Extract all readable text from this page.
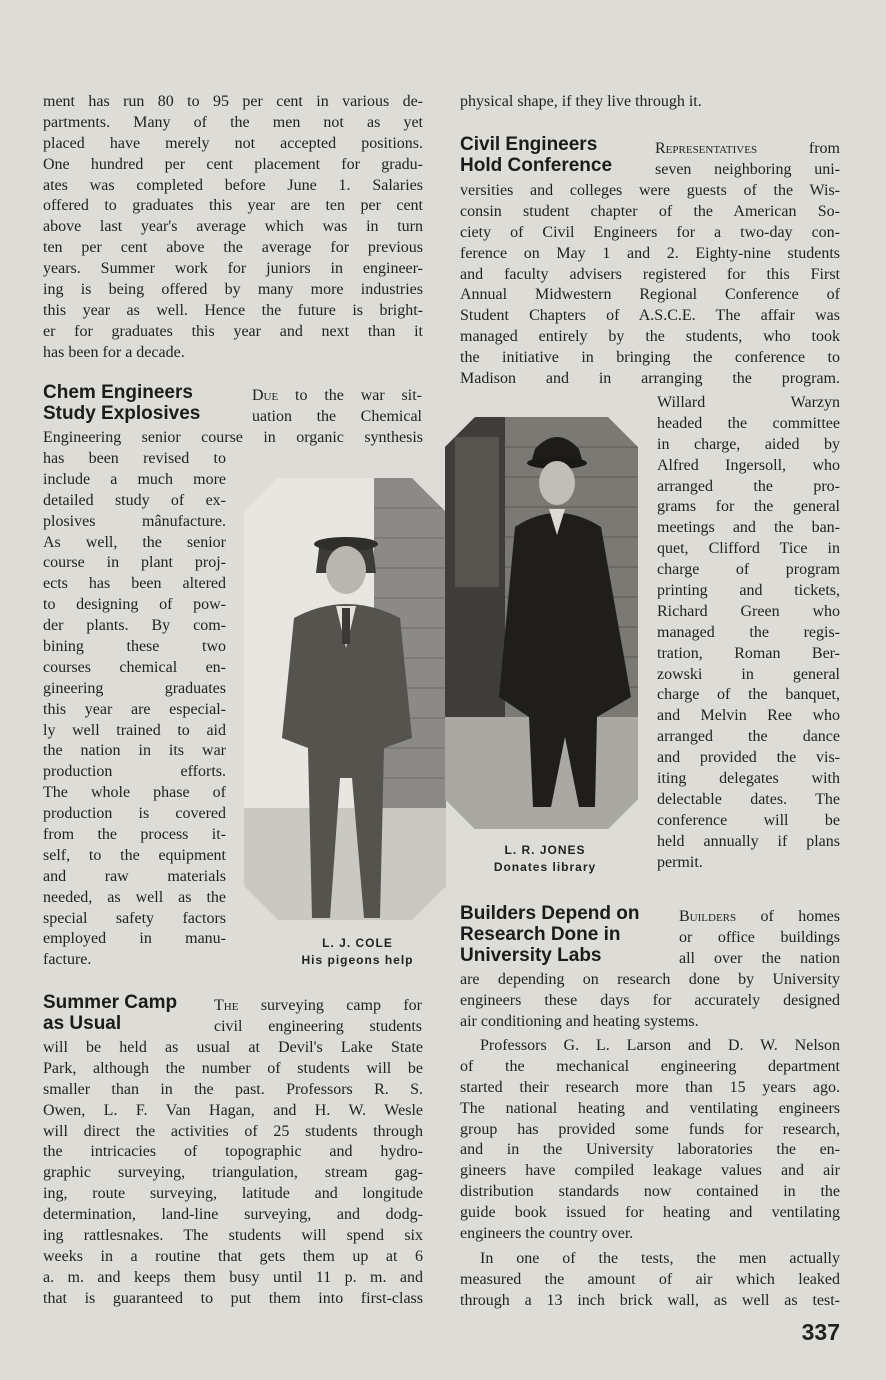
ment has run 80 to 95 per cent in various de-

partments. Many of the men not as yet

placed have merely not accepted positions.

One hundred per cent placement for gradu-

ates was completed before June 1. Salaries

offered to graduates this year are ten per cent

above last year's average which was in turn

ten per cent above the average for previous

years. Summer work for juniors in engineer-

ing is being offered by many more industries

this year as well. Hence the future is bright-

er for graduates this year and next than it

has been for a decade.

Chem Engineers
Study Explosives

Due to the war sit-

uation the Chemical

Engineering senior course in organic synthesis

has been revised to

include a much more

detailed study of ex-

plosives mânufacture.

As well, the senior

course in plant proj-

ects has been altered

to designing of pow-

der plants. By com-

bining these two

courses chemical en-

gineering graduates

this year are especial-

ly well trained to aid

the nation in its war

production efforts.

The whole phase of

production is covered

from the process it-

self, to the equipment

and raw materials

needed, as well as the

special safety factors

employed in manu-

facture.

L. J. COLE
His pigeons help
Summer Camp
as Usual

The surveying camp for

civil engineering students

will be held as usual at Devil's Lake State

Park, although the number of students will be

smaller than in the past. Professors R. S.

Owen, L. F. Van Hagan, and H. W. Wesle

will direct the activities of 25 students through

the intricacies of topographic and hydro-

graphic surveying, triangulation, stream gag-

ing, route surveying, latitude and longitude

determination, land-line surveying, and dodg-

ing rattlesnakes. The students will spend six

weeks in a routine that gets them up at 6

a. m. and keeps them busy until 11 p. m. and

that is guaranteed to put them into first-class

physical shape, if they live through it.

Civil Engineers
Hold Conference

Representatives from

seven neighboring uni-

versities and colleges were guests of the Wis-

consin student chapter of the American So-

ciety of Civil Engineers for a two-day con-

ference on May 1 and 2. Eighty-nine students

and faculty advisers registered for this First

Annual Midwestern Regional Conference of

Student Chapters of A.S.C.E. The affair was

managed entirely by the students, who took

the initiative in bringing the conference to

Madison and in arranging the program.

Willard Warzyn

headed the committee

in charge, aided by

Alfred Ingersoll, who

arranged the pro-

grams for the general

meetings and the ban-

quet, Clifford Tice in

charge of program

printing and tickets,

Richard Green who

managed the regis-

tration, Roman Ber-

zowski in general

charge of the banquet,

and Melvin Ree who

arranged the dance

and provided the vis-

iting delegates with

delectable dates. The

conference will be

held annually if plans

permit.

L. R. JONES
Donates library
Builders Depend on
Research Done in
University Labs

Builders of homes

or office buildings

all over the nation

are depending on research done by University

engineers these days for accurately designed

air conditioning and heating systems.

Professors G. L. Larson and D. W. Nelson

of the mechanical engineering department

started their research more than 15 years ago.

The national heating and ventilating engineers

group has provided some funds for research,

and in the University laboratories the en-

gineers have compiled leakage values and air

distribution standards now contained in the

guide book issued for heating and ventilating

engineers the country over.

In one of the tests, the men actually

measured the amount of air which leaked

through a 13 inch brick wall, as well as test-

337
